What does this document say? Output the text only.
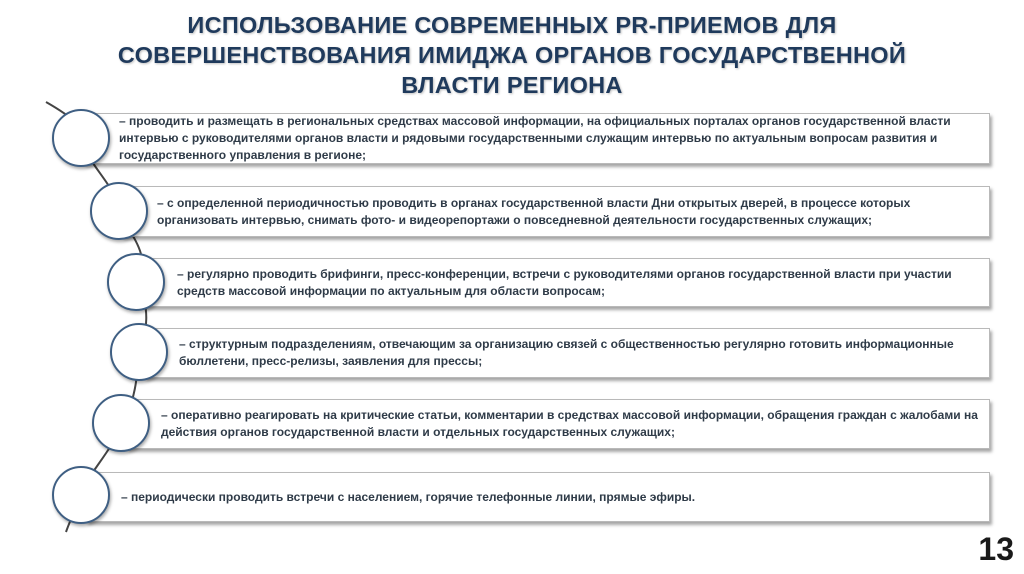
ИСПОЛЬЗОВАНИЕ СОВРЕМЕННЫХ PR-ПРИЕМОВ ДЛЯ
СОВЕРШЕНСТВОВАНИЯ ИМИДЖА ОРГАНОВ ГОСУДАРСТВЕННОЙ
ВЛАСТИ РЕГИОНА
– проводить и размещать в региональных средствах массовой информации, на официальных порталах органов государственной власти интервью с руководителями органов власти и рядовыми государственными служащим интервью по актуальным вопросам развития и государственного управления в регионе;
– с определенной периодичностью проводить в органах государственной власти Дни открытых дверей, в процессе которых организовать интервью, снимать фото- и видеорепортажи о повседневной деятельности государственных служащих;
– регулярно проводить брифинги, пресс-конференции, встречи с руководителями органов государственной власти при участии средств массовой информации по актуальным для области вопросам;
– структурным подразделениям, отвечающим за организацию связей с общественностью регулярно готовить информационные бюллетени, пресс-релизы, заявления для прессы;
– оперативно реагировать на критические статьи, комментарии в средствах массовой информации, обращения граждан с жалобами на действия органов государственной власти и отдельных государственных служащих;
– периодически проводить встречи с населением, горячие телефонные линии, прямые эфиры.
13
